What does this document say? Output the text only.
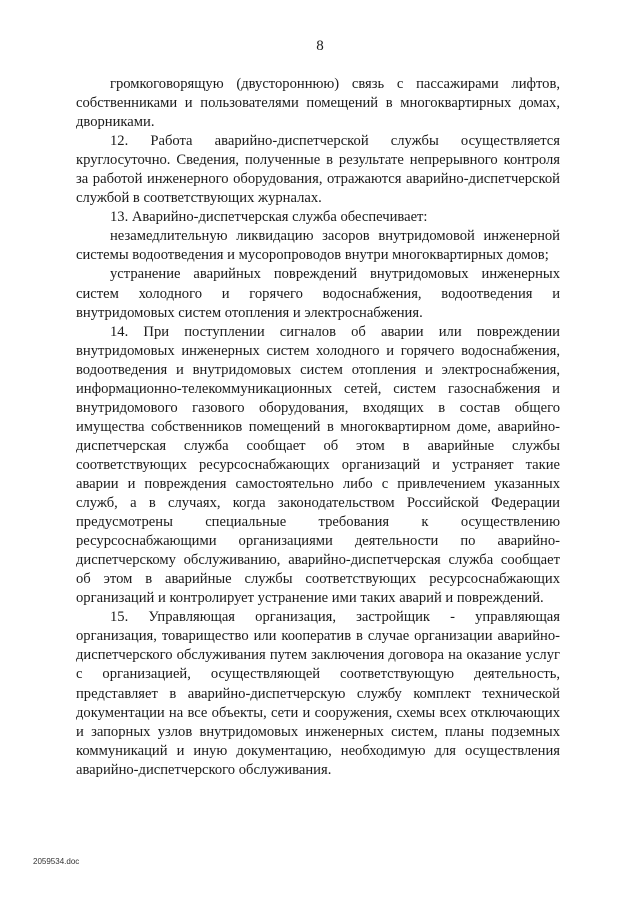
8

громкоговорящую (двустороннюю) связь с пассажирами лифтов, собственниками и пользователями помещений в многоквартирных домах, дворниками.

12. Работа аварийно-диспетчерской службы осуществляется круглосуточно. Сведения, полученные в результате непрерывного контроля за работой инженерного оборудования, отражаются аварийно-диспетчерской службой в соответствующих журналах.

13. Аварийно-диспетчерская служба обеспечивает:

незамедлительную ликвидацию засоров внутридомовой инженерной системы водоотведения и мусоропроводов внутри многоквартирных домов;

устранение аварийных повреждений внутридомовых инженерных систем холодного и горячего водоснабжения, водоотведения и внутридомовых систем отопления и электроснабжения.

14. При поступлении сигналов об аварии или повреждении внутридомовых инженерных систем холодного и горячего водоснабжения, водоотведения и внутридомовых систем отопления и электроснабжения, информационно-телекоммуникационных сетей, систем газоснабжения и внутридомового газового оборудования, входящих в состав общего имущества собственников помещений в многоквартирном доме, аварийно-диспетчерская служба сообщает об этом в аварийные службы соответствующих ресурсоснабжающих организаций и устраняет такие аварии и повреждения самостоятельно либо с привлечением указанных служб, а в случаях, когда законодательством Российской Федерации предусмотрены специальные требования к осуществлению ресурсоснабжающими организациями деятельности по аварийно-диспетчерскому обслуживанию, аварийно-диспетчерская служба сообщает об этом в аварийные службы соответствующих ресурсоснабжающих организаций и контролирует устранение ими таких аварий и повреждений.

15. Управляющая организация, застройщик - управляющая организация, товарищество или кооператив в случае организации аварийно-диспетчерского обслуживания путем заключения договора на оказание услуг с организацией, осуществляющей соответствующую деятельность, представляет в аварийно-диспетчерскую службу комплект технической документации на все объекты, сети и сооружения, схемы всех отключающих и запорных узлов внутридомовых инженерных систем, планы подземных коммуникаций и иную документацию, необходимую для осуществления аварийно-диспетчерского обслуживания.

2059534.doc
